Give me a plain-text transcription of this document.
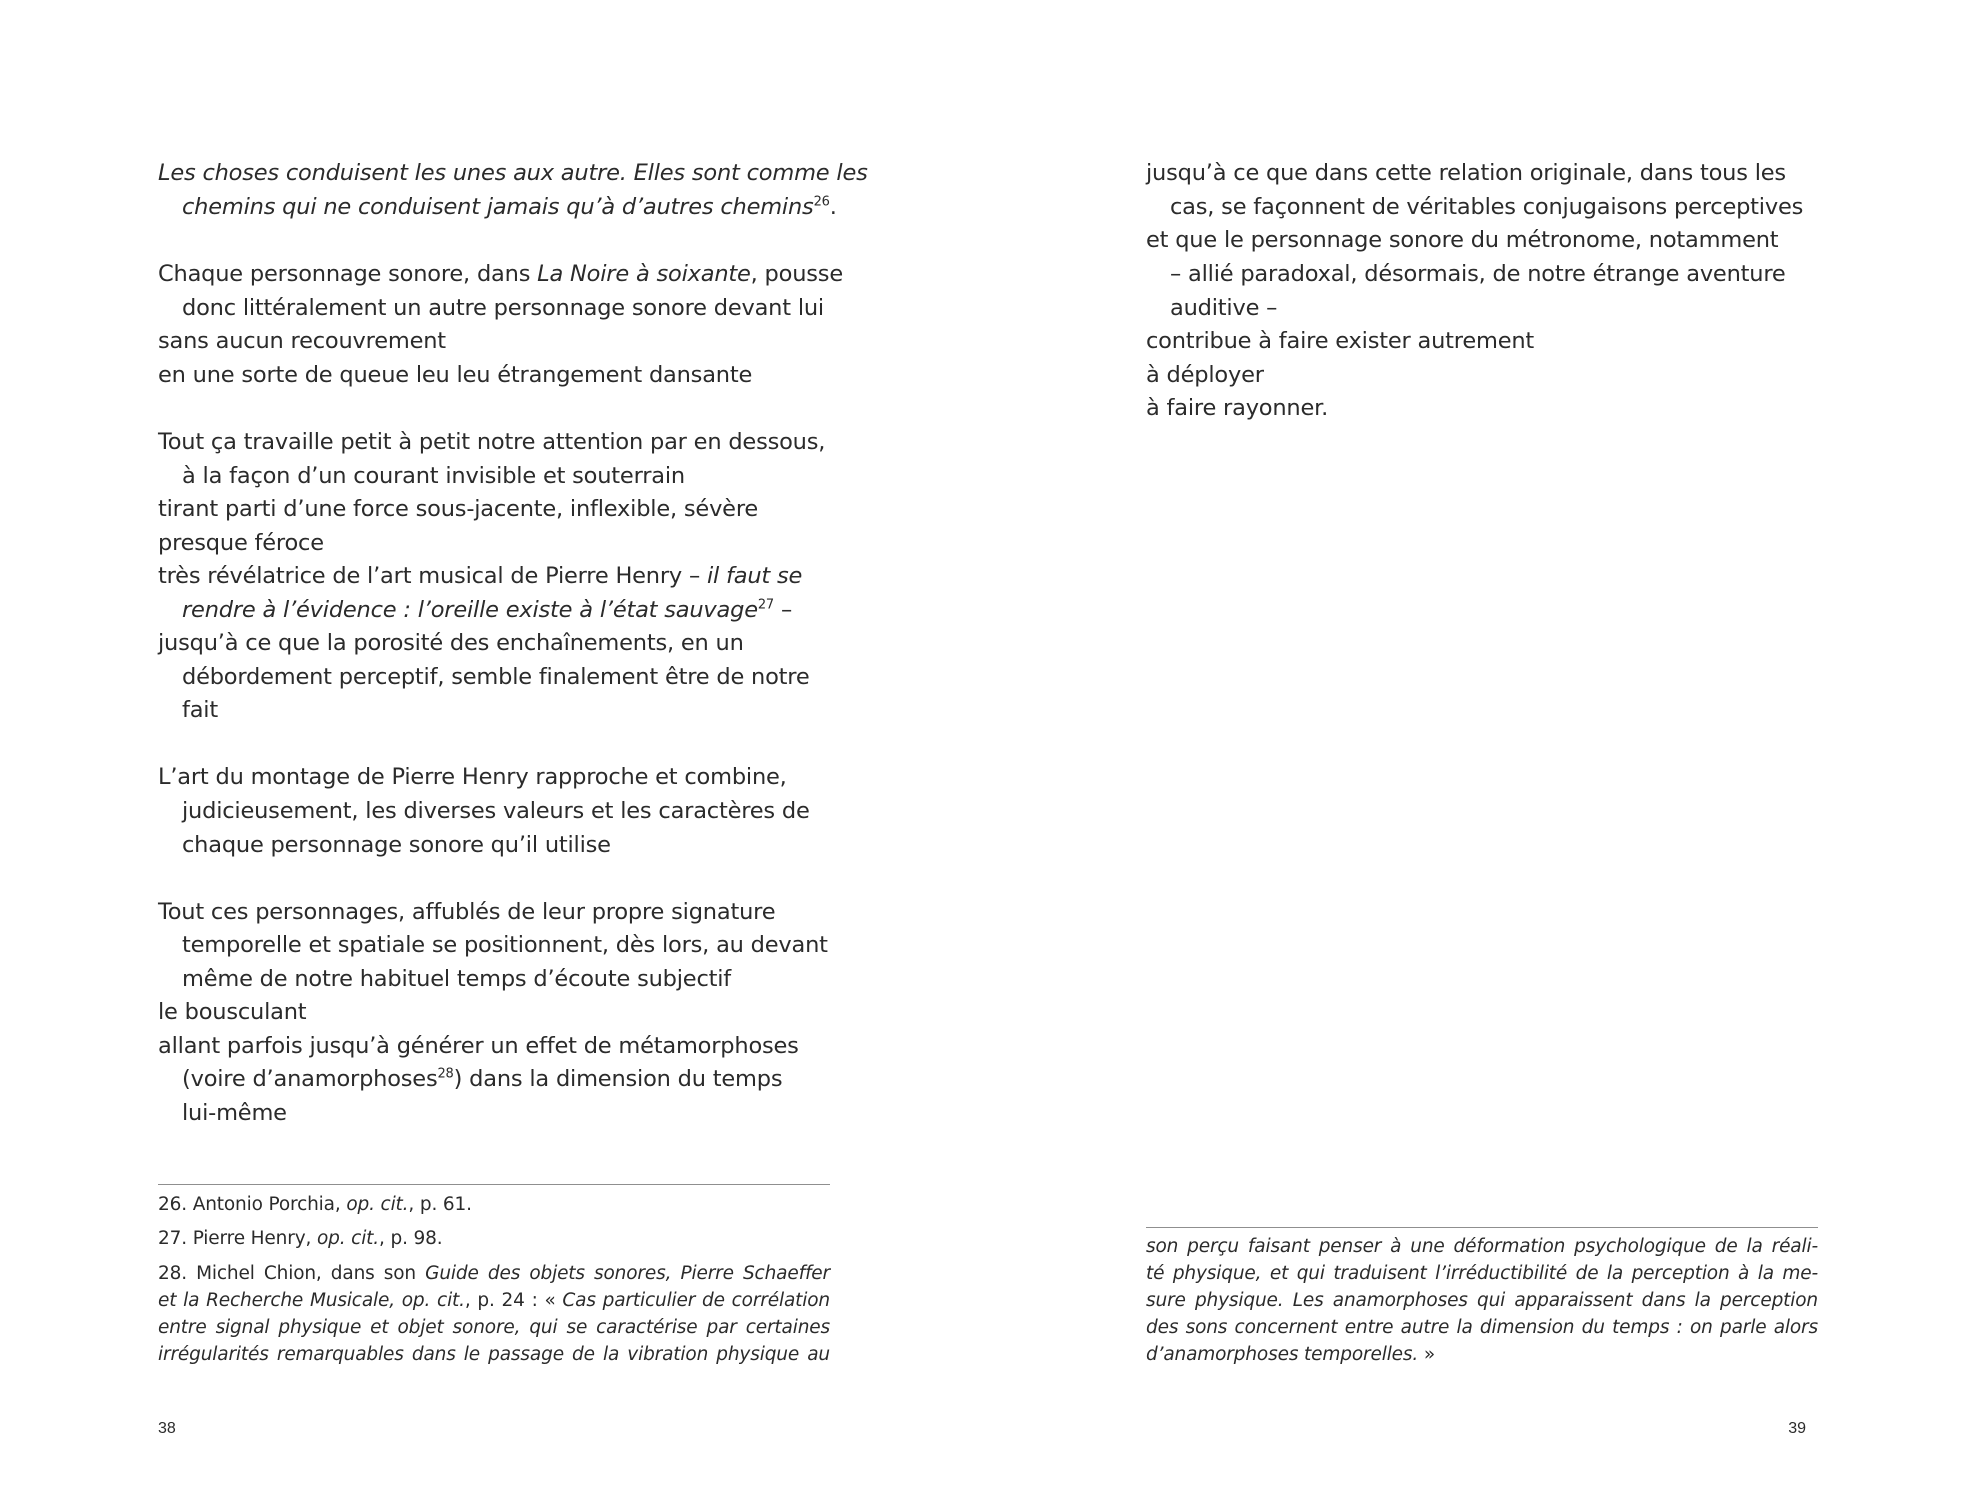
Les choses conduisent les unes aux autre. Elles sont comme les
chemins qui ne conduisent jamais qu’à d’autres chemins$^{26}$.
Chaque personnage sonore, dans La Noire à soixante, pousse
donc littéralement un autre personnage sonore devant lui
sans aucun recouvrement
en une sorte de queue leu leu étrangement dansante
Tout ça travaille petit à petit notre attention par en dessous,
à la façon d’un courant invisible et souterrain
tirant parti d’une force sous-jacente, inflexible, sévère
presque féroce
très révélatrice de l’art musical de Pierre Henry – il faut se
rendre à l’évidence : l’oreille existe à l’état sauvage$^{27}$ –
jusqu’à ce que la porosité des enchaînements, en un
débordement perceptif, semble finalement être de notre
fait
L’art du montage de Pierre Henry rapproche et combine,
judicieusement, les diverses valeurs et les caractères de
chaque personnage sonore qu’il utilise
Tout ces personnages, affublés de leur propre signature
temporelle et spatiale se positionnent, dès lors, au devant
même de notre habituel temps d’écoute subjectif
le bousculant
allant parfois jusqu’à générer un effet de métamorphoses
(voire d’anamorphoses$^{28}$) dans la dimension du temps
lui-même
26. Antonio Porchia, op. cit., p. 61.
27. Pierre Henry, op. cit., p. 98.
28. Michel Chion, dans son Guide des objets sonores, Pierre Schaeffer
et la Recherche Musicale, op. cit., p. 24 : « Cas particulier de corrélation
entre signal physique et objet sonore, qui se caractérise par certaines
irrégularités remarquables dans le passage de la vibration physique au
38
jusqu’à ce que dans cette relation originale, dans tous les
cas, se façonnent de véritables conjugaisons perceptives
et que le personnage sonore du métronome, notamment
– allié paradoxal, désormais, de notre étrange aventure
auditive –
contribue à faire exister autrement
à déployer
à faire rayonner.
son perçu faisant penser à une déformation psychologique de la réali-
té physique, et qui traduisent l’irréductibilité de la perception à la me-
sure physique. Les anamorphoses qui apparaissent dans la perception
des sons concernent entre autre la dimension du temps : on parle alors
d’anamorphoses temporelles. »
39
